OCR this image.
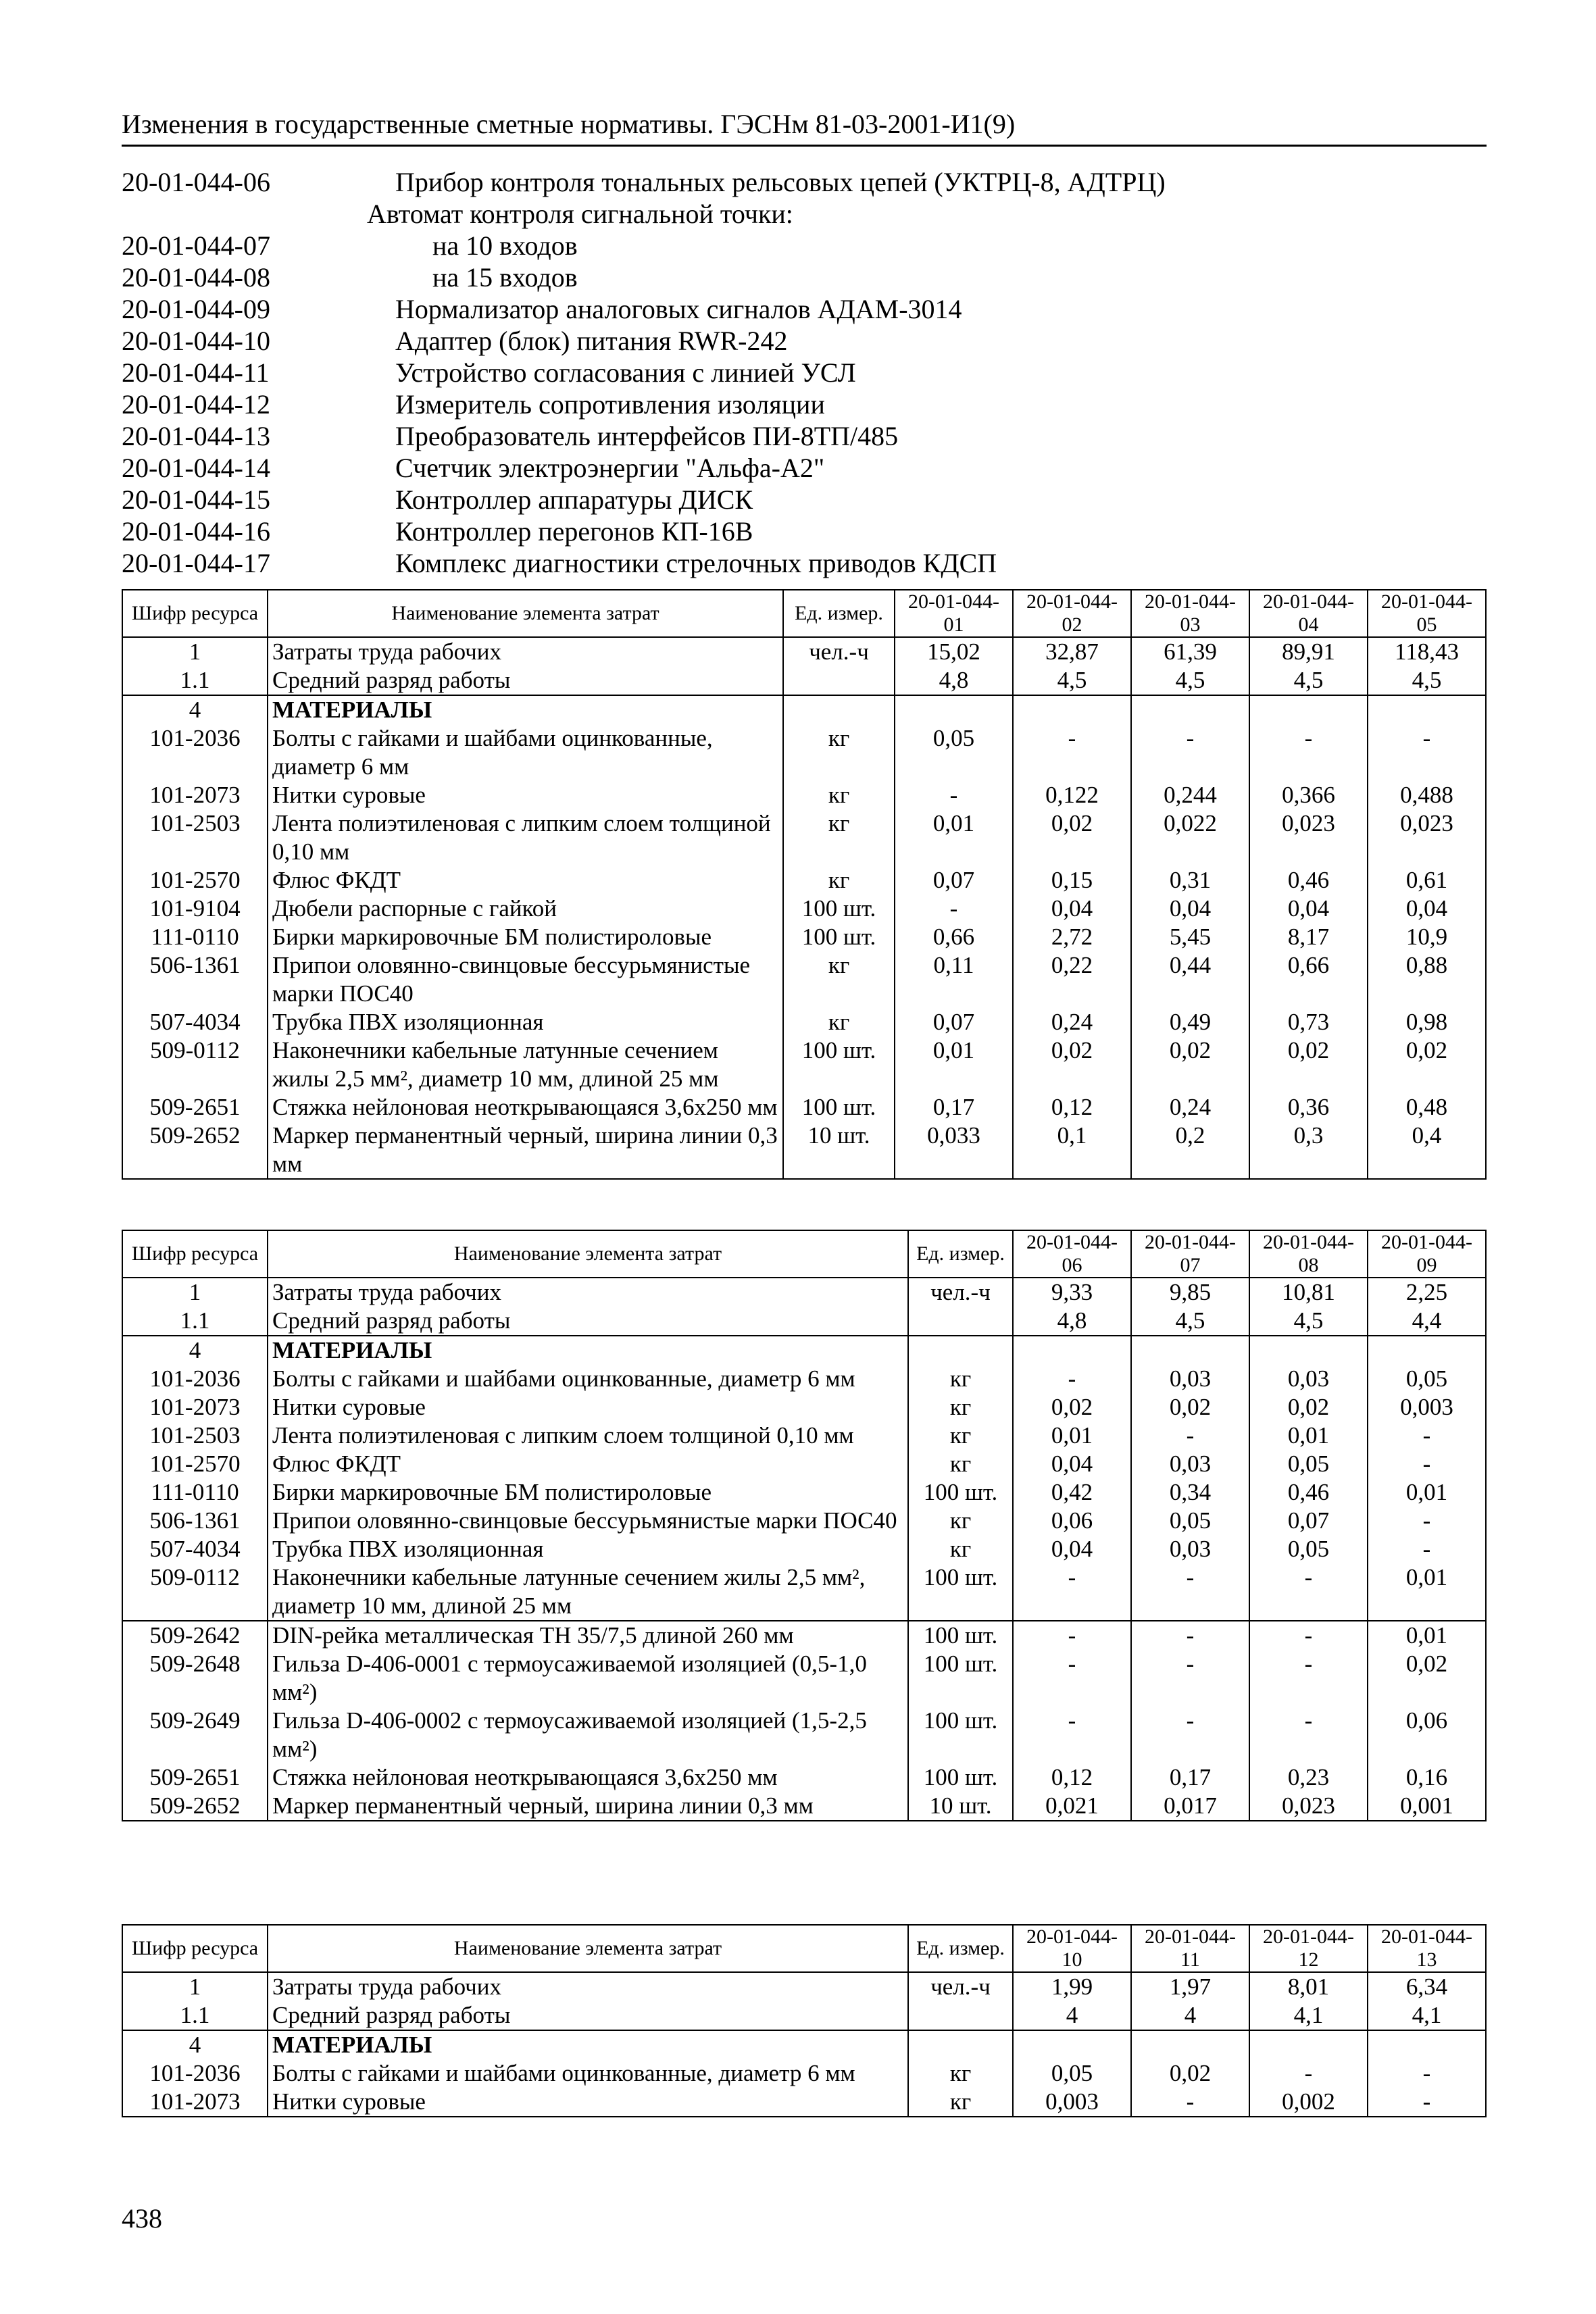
Изменения в государственные сметные нормативы. ГЭСНм 81-03-2001-И1(9)
20-01-044-06	Прибор контроля тональных рельсовых цепей (УКТРЦ-8, АДТРЦ)
Автомат контроля сигнальной точки:
20-01-044-07	на 10 входов
20-01-044-08	на 15 входов
20-01-044-09	Нормализатор аналоговых сигналов АДАМ-3014
20-01-044-10	Адаптер (блок) питания RWR-242
20-01-044-11	Устройство согласования с линией УСЛ
20-01-044-12	Измеритель сопротивления изоляции
20-01-044-13	Преобразователь интерфейсов ПИ-8ТП/485
20-01-044-14	Счетчик электроэнергии "Альфа-А2"
20-01-044-15	Контроллер аппаратуры ДИСК
20-01-044-16	Контроллер перегонов КП-16В
20-01-044-17	Комплекс диагностики стрелочных приводов КДСП
Шифр ресурса	Наименование элемента затрат	Ед. измер.	20-01-044-01	20-01-044-02	20-01-044-03	20-01-044-04	20-01-044-05
1	Затраты труда рабочих	чел.-ч	15,02	32,87	61,39	89,91	118,43
1.1	Средний разряд работы		4,8	4,5	4,5	4,5	4,5
4	МАТЕРИАЛЫ						
101-2036	Болты с гайками и шайбами оцинкованные, диаметр 6 мм	кг	0,05	-	-	-	-
101-2073	Нитки суровые	кг	-	0,122	0,244	0,366	0,488
101-2503	Лента полиэтиленовая с липким слоем толщиной 0,10 мм	кг	0,01	0,02	0,022	0,023	0,023
101-2570	Флюс ФКДТ	кг	0,07	0,15	0,31	0,46	0,61
101-9104	Дюбели распорные с гайкой	100 шт.	-	0,04	0,04	0,04	0,04
111-0110	Бирки маркировочные БМ полистироловые	100 шт.	0,66	2,72	5,45	8,17	10,9
506-1361	Припои оловянно-свинцовые бессурьмянистые марки ПОС40	кг	0,11	0,22	0,44	0,66	0,88
507-4034	Трубка ПВХ изоляционная	кг	0,07	0,24	0,49	0,73	0,98
509-0112	Наконечники кабельные латунные сечением жилы 2,5 мм², диаметр 10 мм, длиной 25 мм	100 шт.	0,01	0,02	0,02	0,02	0,02
509-2651	Стяжка нейлоновая неоткрывающаяся 3,6х250 мм	100 шт.	0,17	0,12	0,24	0,36	0,48
509-2652	Маркер перманентный черный, ширина линии 0,3 мм	10 шт.	0,033	0,1	0,2	0,3	0,4
Шифр ресурса	Наименование элемента затрат	Ед. измер.	20-01-044-06	20-01-044-07	20-01-044-08	20-01-044-09
1	Затраты труда рабочих	чел.-ч	9,33	9,85	10,81	2,25
1.1	Средний разряд работы		4,8	4,5	4,5	4,4
4	МАТЕРИАЛЫ					
101-2036	Болты с гайками и шайбами оцинкованные, диаметр 6 мм	кг	-	0,03	0,03	0,05
101-2073	Нитки суровые	кг	0,02	0,02	0,02	0,003
101-2503	Лента полиэтиленовая с липким слоем толщиной 0,10 мм	кг	0,01	-	0,01	-
101-2570	Флюс ФКДТ	кг	0,04	0,03	0,05	-
111-0110	Бирки маркировочные БМ полистироловые	100 шт.	0,42	0,34	0,46	0,01
506-1361	Припои оловянно-свинцовые бессурьмянистые марки ПОС40	кг	0,06	0,05	0,07	-
507-4034	Трубка ПВХ изоляционная	кг	0,04	0,03	0,05	-
509-0112	Наконечники кабельные латунные сечением жилы 2,5 мм², диаметр 10 мм, длиной 25 мм	100 шт.	-	-	-	0,01
509-2642	DIN-рейка металлическая ТН 35/7,5 длиной 260 мм	100 шт.	-	-	-	0,01
509-2648	Гильза D-406-0001 с термоусаживаемой изоляцией (0,5-1,0 мм²)	100 шт.	-	-	-	0,02
509-2649	Гильза D-406-0002 с термоусаживаемой изоляцией (1,5-2,5 мм²)	100 шт.	-	-	-	0,06
509-2651	Стяжка нейлоновая неоткрывающаяся 3,6х250 мм	100 шт.	0,12	0,17	0,23	0,16
509-2652	Маркер перманентный черный, ширина линии 0,3 мм	10 шт.	0,021	0,017	0,023	0,001
Шифр ресурса	Наименование элемента затрат	Ед. измер.	20-01-044-10	20-01-044-11	20-01-044-12	20-01-044-13
1	Затраты труда рабочих	чел.-ч	1,99	1,97	8,01	6,34
1.1	Средний разряд работы		4	4	4,1	4,1
4	МАТЕРИАЛЫ					
101-2036	Болты с гайками и шайбами оцинкованные, диаметр 6 мм	кг	0,05	0,02	-	-
101-2073	Нитки суровые	кг	0,003	-	0,002	-
438
